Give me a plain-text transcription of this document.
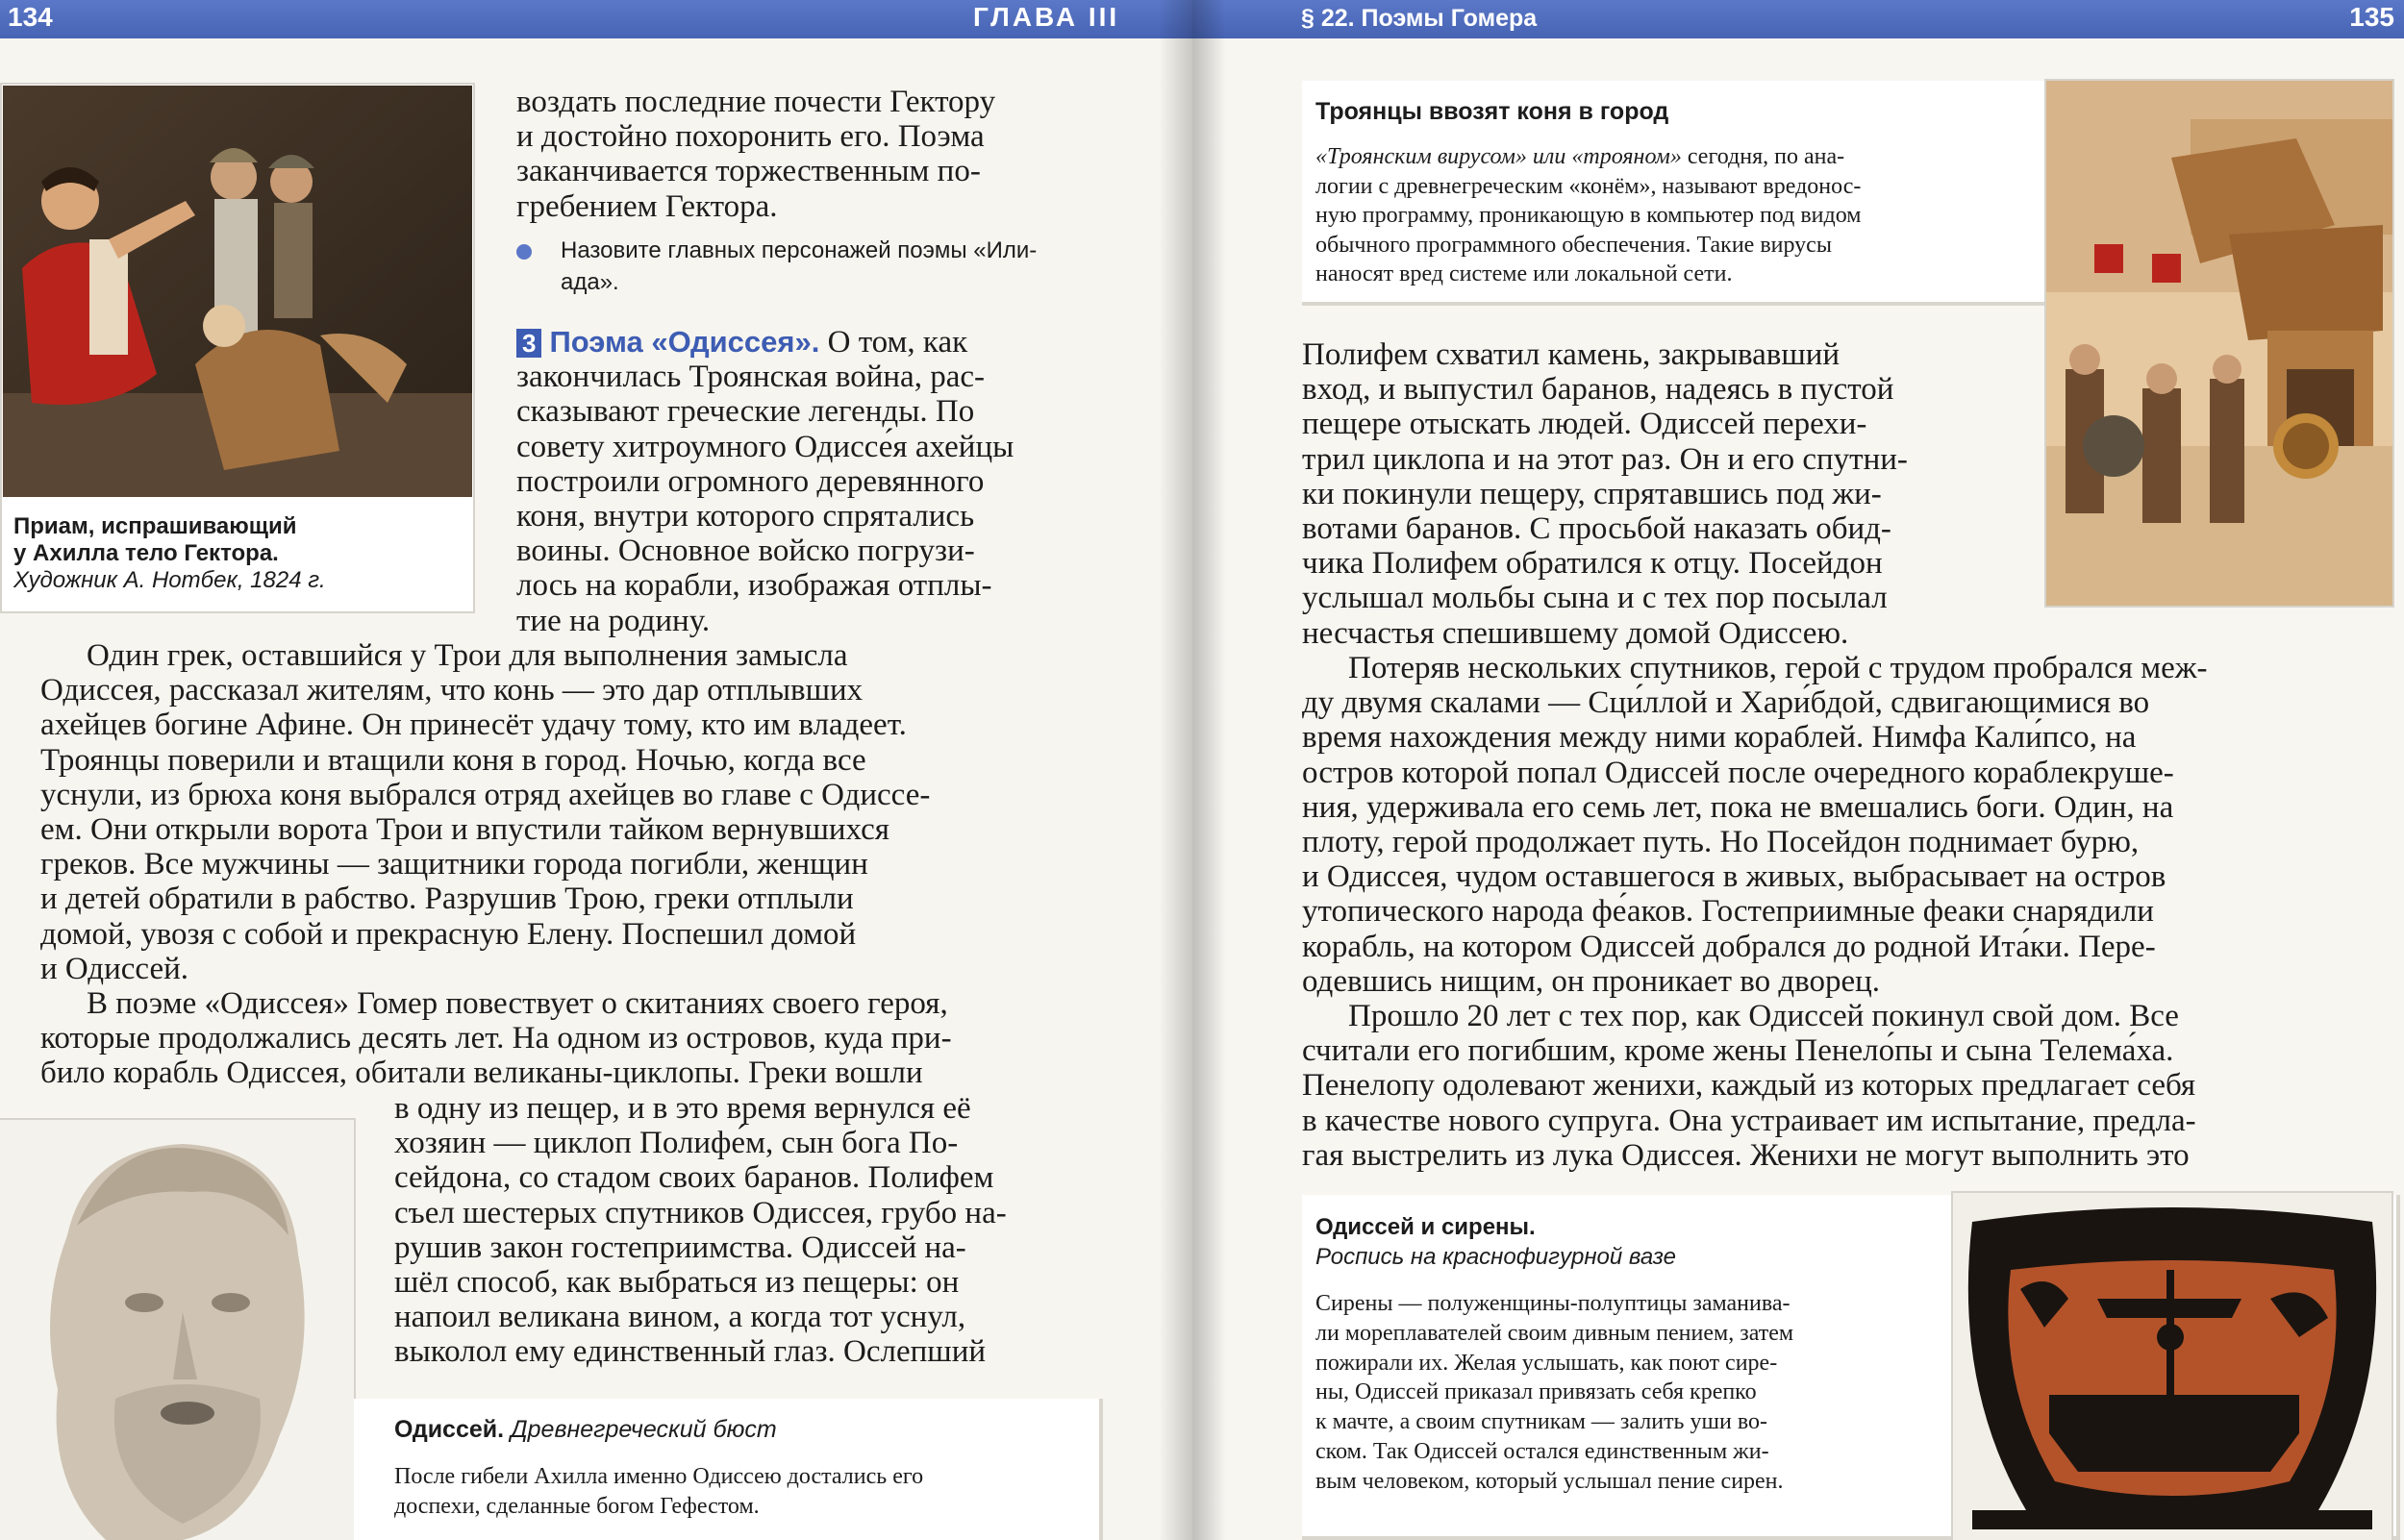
134	ГЛАВА III
Приам, испрашивающий
у Ахилла тело Гектора.
Художник А. Нотбек, 1824 г.

воздать последние почести Гектору

и достойно похоронить его. Поэма

заканчивается торжественным по-

гребением Гектора.

Назовите главных персонажей поэмы «Или-
ада».

3 Поэма «Одиссея». О том, как

закончилась Троянская война, рас-

сказывают греческие легенды. По

совету хитроумного Одиссе́я ахейцы

построили огромного деревянного

коня, внутри которого спрятались

воины. Основное войско погрузи-

лось на корабли, изображая отплы-

тие на родину.

Один грек, оставшийся у Трои для выполнения замысла

Одиссея, рассказал жителям, что конь — это дар отплывших

ахейцев богине Афине. Он принесёт удачу тому, кто им владеет.

Троянцы поверили и втащили коня в город. Ночью, когда все

уснули, из брюха коня выбрался отряд ахейцев во главе с Одиссе-

ем. Они открыли ворота Трои и впустили тайком вернувшихся

греков. Все мужчины — защитники города погибли, женщин

и детей обратили в рабство. Разрушив Трою, греки отплыли

домой, увозя с собой и прекрасную Елену. Поспешил домой

и Одиссей.

В поэме «Одиссея» Гомер повествует о скитаниях своего героя,

которые продолжались десять лет. На одном из островов, куда при-

било корабль Одиссея, обитали великаны-циклопы. Греки вошли

в одну из пещер, и в это время вернулся её

хозяин — циклоп Полифе́м, сын бога По-

сейдона, со стадом своих баранов. Полифем

съел шестерых спутников Одиссея, грубо на-

рушив закон гостеприимства. Одиссей на-

шёл способ, как выбраться из пещеры: он

напоил великана вином, а когда тот уснул,

выколол ему единственный глаз. Ослепший

Одиссей. Древнегреческий бюст
После гибели Ахилла именно Одиссею достались его
доспехи, сделанные богом Гефестом.
§ 22. Поэмы Гомера	135
Троянцы ввозят коня в город
«Троянским вирусом» или «трояном» сегодня, по ана-
логии с древнегреческим «конём», называют вредонос-
ную программу, проникающую в компьютер под видом
обычного программного обеспечения. Такие вирусы
наносят вред системе или локальной сети.

Полифем схватил камень, закрывавший

вход, и выпустил баранов, надеясь в пустой

пещере отыскать людей. Одиссей перехи-

трил циклопа и на этот раз. Он и его спутни-

ки покинули пещеру, спрятавшись под жи-

вотами баранов. С просьбой наказать обид-

чика Полифем обратился к отцу. Посейдон

услышал мольбы сына и с тех пор посылал

несчастья спешившему домой Одиссею.

Потеряв нескольких спутников, герой с трудом пробрался меж-

ду двумя скалами — Сци́ллой и Хари́бдой, сдвигающимися во

время нахождения между ними кораблей. Нимфа Кали́псо, на

остров которой попал Одиссей после очередного кораблекруше-

ния, удерживала его семь лет, пока не вмешались боги. Один, на

плоту, герой продолжает путь. Но Посейдон поднимает бурю,

и Одиссея, чудом оставшегося в живых, выбрасывает на остров

утопического народа фе́аков. Гостеприимные феаки снарядили

корабль, на котором Одиссей добрался до родной Ита́ки. Пере-

одевшись нищим, он проникает во дворец.

Прошло 20 лет с тех пор, как Одиссей покинул свой дом. Все

считали его погибшим, кроме жены Пенело́пы и сына Телема́ха.

Пенелопу одолевают женихи, каждый из которых предлагает себя

в качестве нового супруга. Она устраивает им испытание, предла-

гая выстрелить из лука Одиссея. Женихи не могут выполнить это

Одиссей и сирены.
Роспись на краснофигурной вазе
Сирены — полуженщины-полуптицы заманива-
ли мореплавателей своим дивным пением, затем
пожирали их. Желая услышать, как поют сире-
ны, Одиссей приказал привязать себя крепко
к мачте, а своим спутникам — залить уши во-
ском. Так Одиссей остался единственным жи-
вым человеком, который услышал пение сирен.
